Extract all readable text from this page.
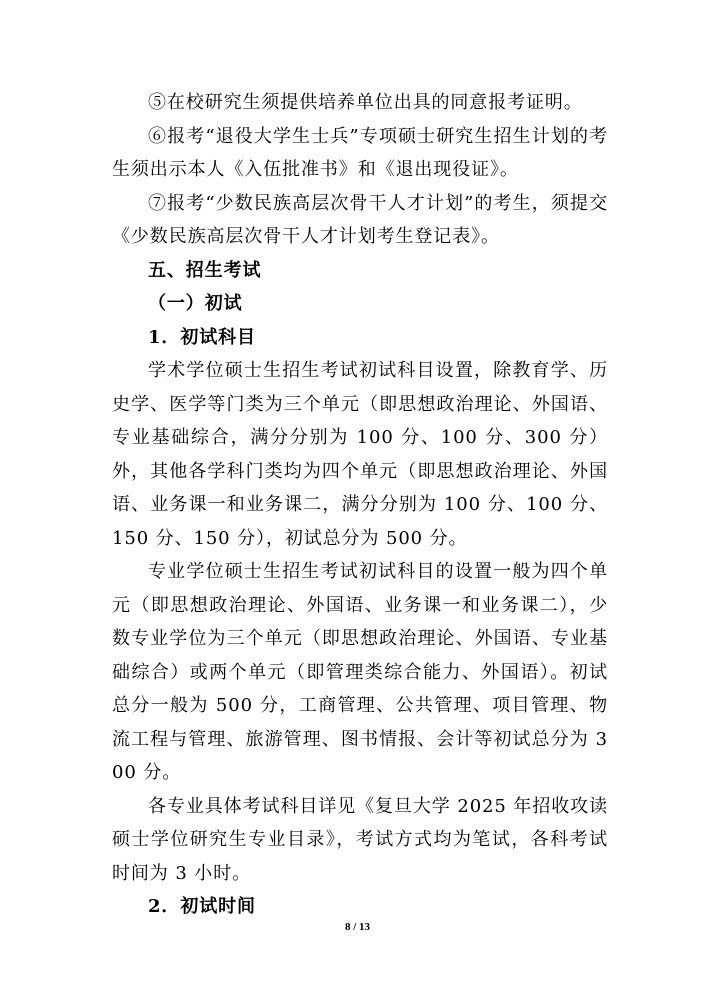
⑤在校研究生须提供培养单位出具的同意报考证明。

⑥报考“退役大学生士兵”专项硕士研究生招生计划的考生须出示本人《入伍批准书》和《退出现役证》。

⑦报考“少数民族高层次骨干人才计划”的考生，须提交《少数民族高层次骨干人才计划考生登记表》。

五、招生考试

（一）初试

1．初试科目

学术学位硕士生招生考试初试科目设置，除教育学、历史学、医学等门类为三个单元（即思想政治理论、外国语、专业基础综合，满分分别为 100 分、100 分、300 分）外，其他各学科门类均为四个单元（即思想政治理论、外国语、业务课一和业务课二，满分分别为 100 分、100 分、150 分、150 分），初试总分为 500 分。

专业学位硕士生招生考试初试科目的设置一般为四个单元（即思想政治理论、外国语、业务课一和业务课二），少数专业学位为三个单元（即思想政治理论、外国语、专业基础综合）或两个单元（即管理类综合能力、外国语）。初试总分一般为 500 分，工商管理、公共管理、项目管理、物流工程与管理、旅游管理、图书情报、会计等初试总分为 300 分。

各专业具体考试科目详见《复旦大学 2025 年招收攻读硕士学位研究生专业目录》，考试方式均为笔试，各科考试时间为 3 小时。

2．初试时间

8 / 13
